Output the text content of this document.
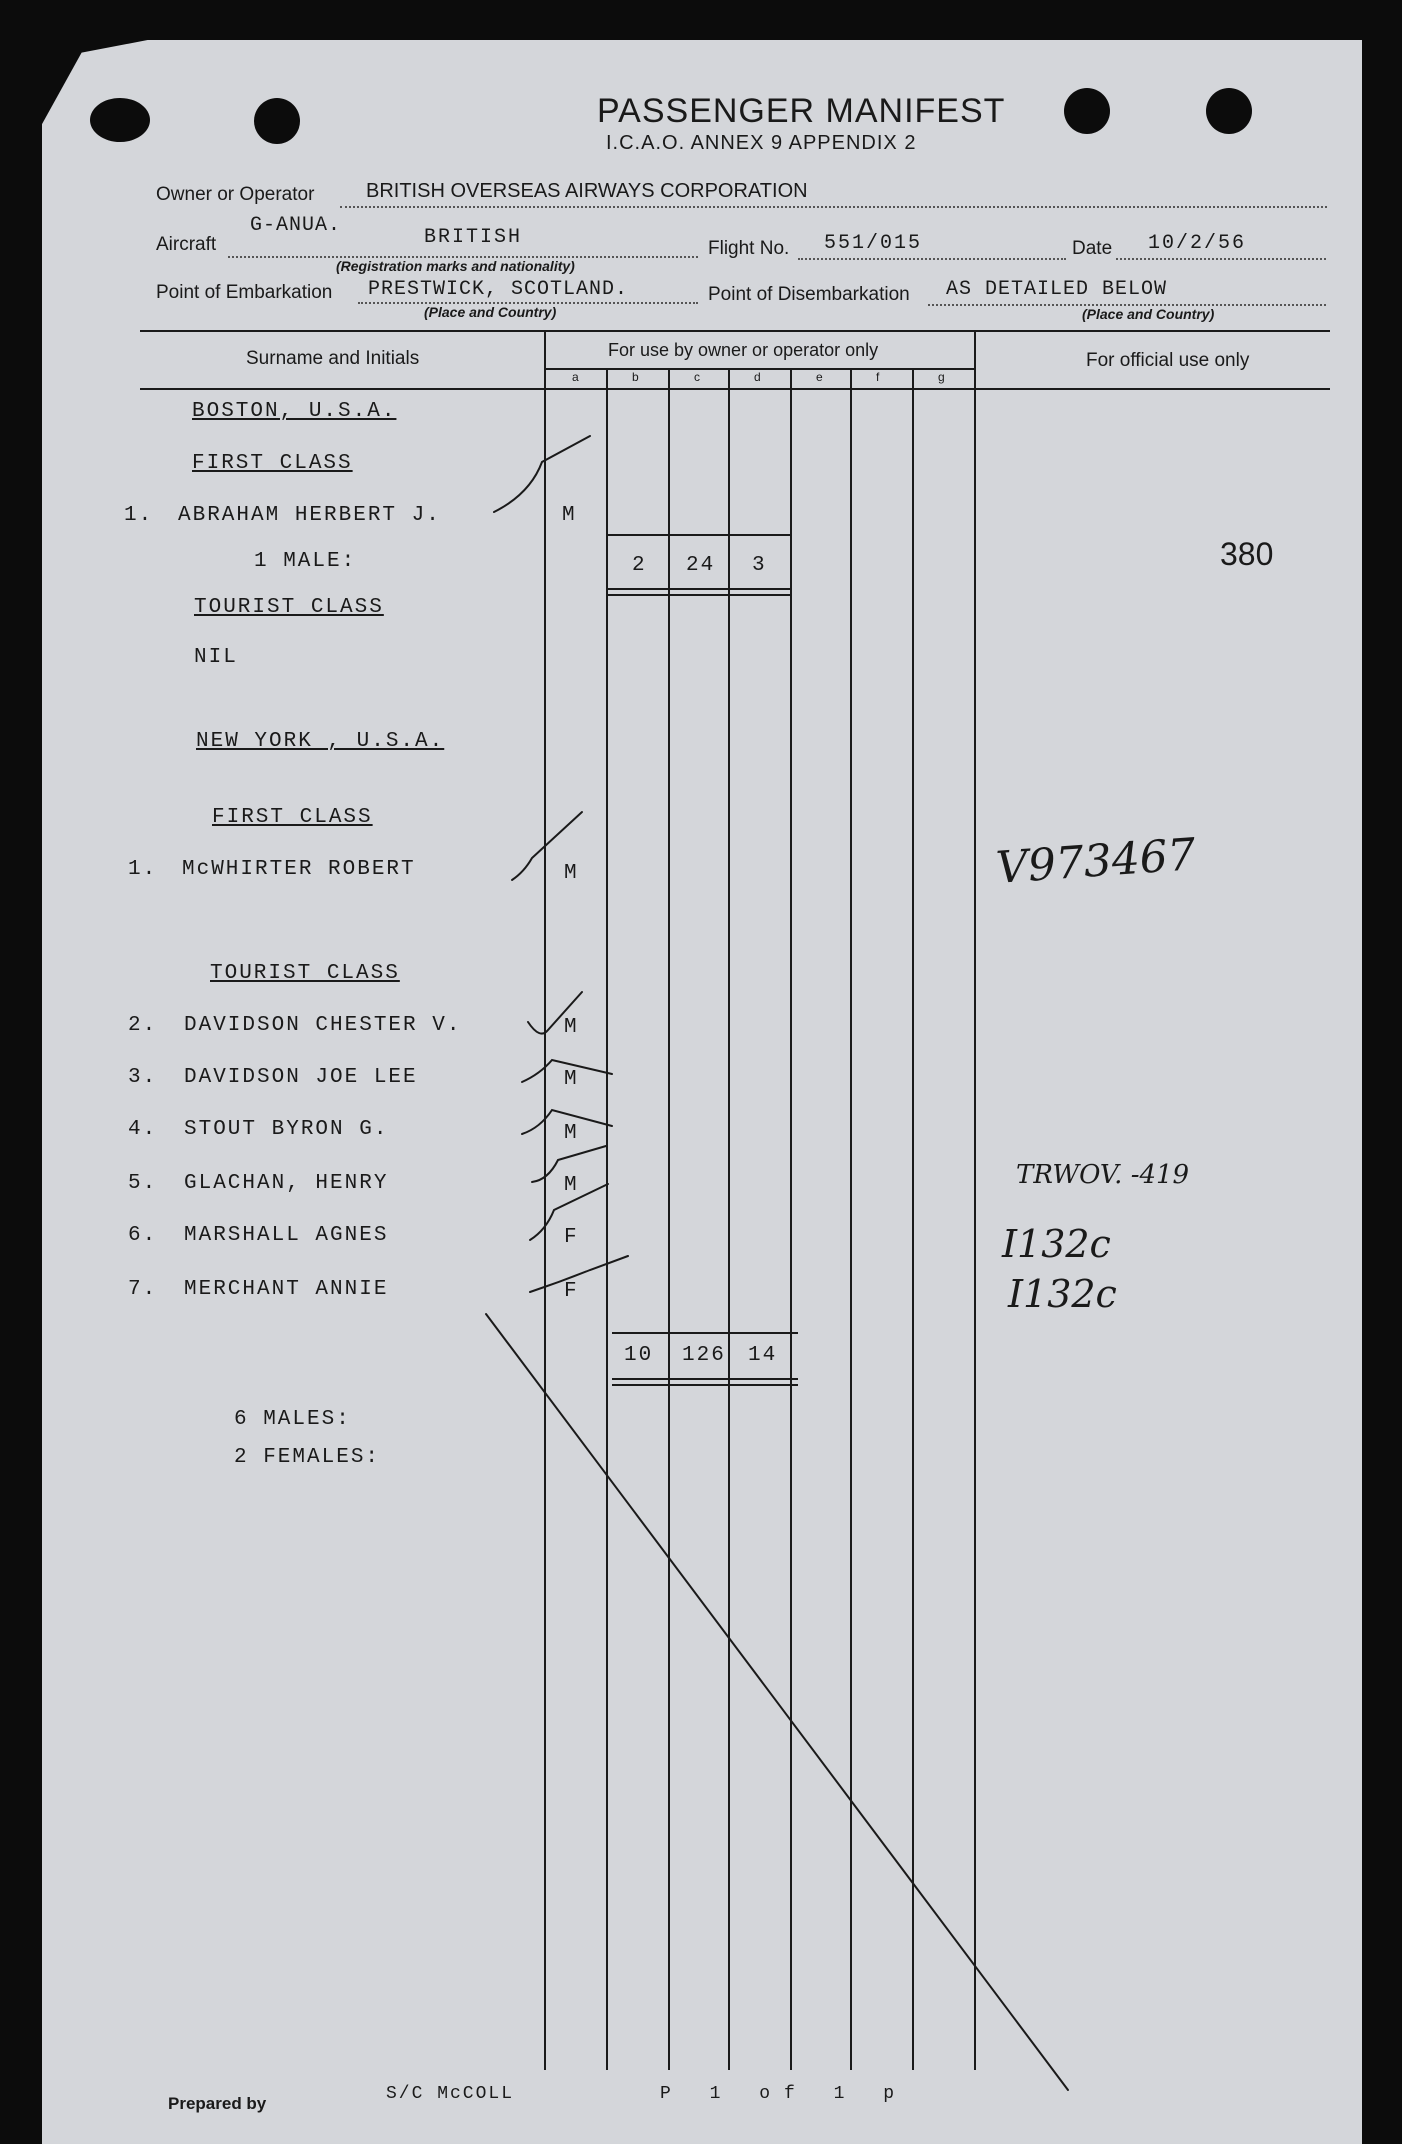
PASSENGER MANIFEST
I.C.A.O. ANNEX 9 APPENDIX 2
Owner or Operator	BRITISH OVERSEAS AIRWAYS CORPORATION
Aircraft
G-ANUA.
BRITISH
(Registration marks and nationality)
Flight No. 551/015	Date 10/2/56
Point of Embarkation PRESTWICK, SCOTLAND.
(Place and Country)
Point of Disembarkation AS DETAILED BELOW
(Place and Country)
Surname and Initials	For use by owner or operator only	For official use only
a	b	c	d	e	f	g
BOSTON, U.S.A.
FIRST CLASS
1. ABRAHAM HERBERT J.	M
1 MALE:	2 24 3	380
TOURIST CLASS
NIL
NEW YORK , U.S.A.
FIRST CLASS
1. McWHIRTER ROBERT	M	V973467
TOURIST CLASS
2. DAVIDSON CHESTER V.	M
3. DAVIDSON JOE LEE	M
4. STOUT BYRON G.	M
5. GLACHAN, HENRY	M
6. MARSHALL AGNES	F
7. MERCHANT ANNIE	F
TRWOV. -419
I132c
I132c
10 126 14
6 MALES:
2 FEMALES:
Prepared by	S/C McCOLL	P 1 of 1 p
